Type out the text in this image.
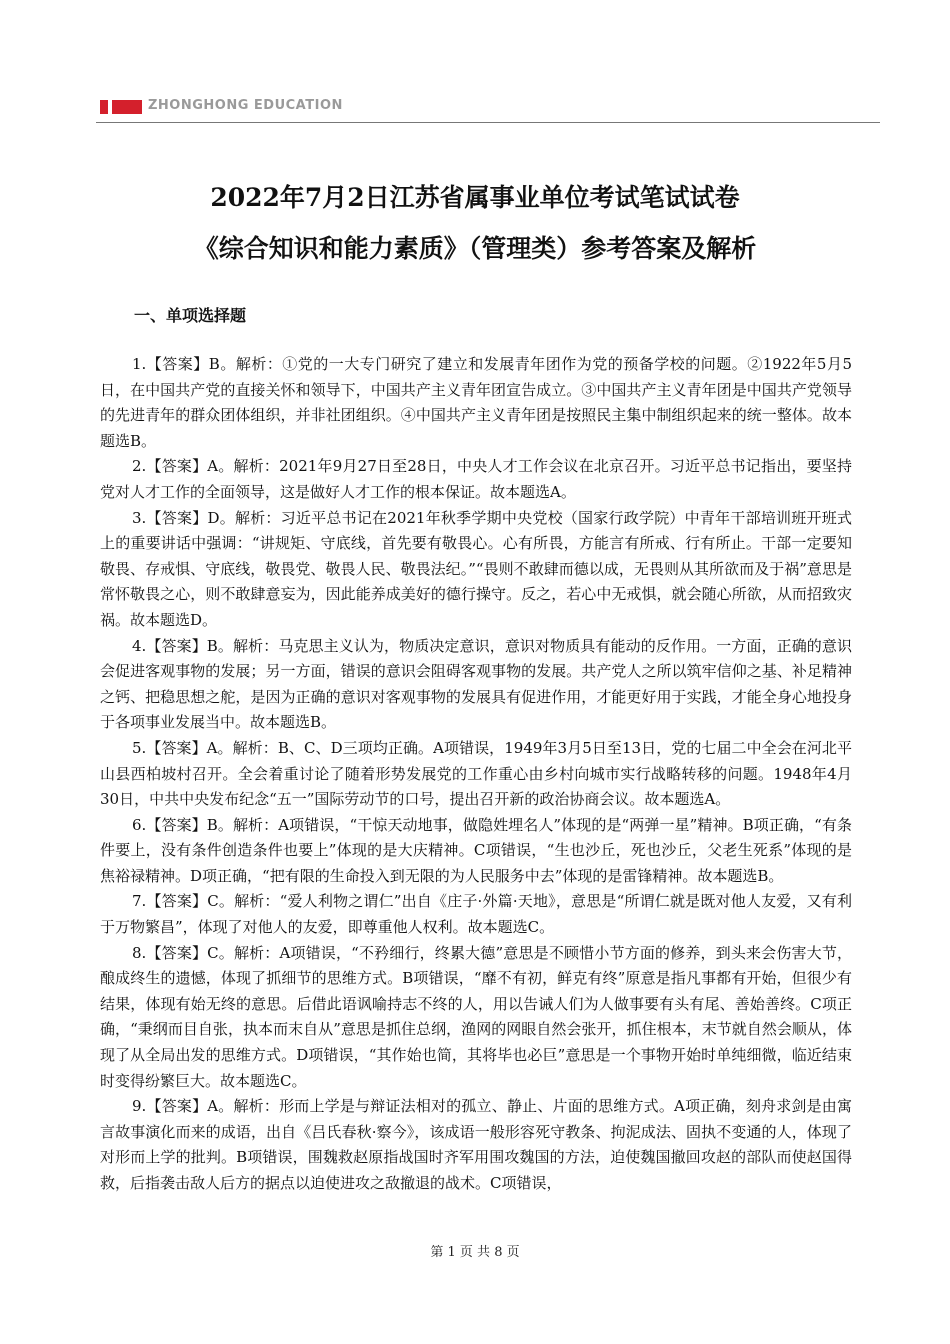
ZHONGHONG EDUCATION
2022年7月2日江苏省属事业单位考试笔试试卷
《综合知识和能力素质》（管理类）参考答案及解析
一、单项选择题

1.【答案】B。解析：①党的一大专门研究了建立和发展青年团作为党的预备学校的问题。②1922年5月5日，在中国共产党的直接关怀和领导下，中国共产主义青年团宣告成立。③中国共产主义青年团是中国共产党领导的先进青年的群众团体组织，并非社团组织。④中国共产主义青年团是按照民主集中制组织起来的统一整体。故本题选B。

2.【答案】A。解析：2021年9月27日至28日，中央人才工作会议在北京召开。习近平总书记指出，要坚持党对人才工作的全面领导，这是做好人才工作的根本保证。故本题选A。

3.【答案】D。解析：习近平总书记在2021年秋季学期中央党校（国家行政学院）中青年干部培训班开班式上的重要讲话中强调：“讲规矩、守底线，首先要有敬畏心。心有所畏，方能言有所戒、行有所止。干部一定要知敬畏、存戒惧、守底线，敬畏党、敬畏人民、敬畏法纪。”“畏则不敢肆而德以成，无畏则从其所欲而及于祸”意思是常怀敬畏之心，则不敢肆意妄为，因此能养成美好的德行操守。反之，若心中无戒惧，就会随心所欲，从而招致灾祸。故本题选D。

4.【答案】B。解析：马克思主义认为，物质决定意识，意识对物质具有能动的反作用。一方面，正确的意识会促进客观事物的发展；另一方面，错误的意识会阻碍客观事物的发展。共产党人之所以筑牢信仰之基、补足精神之钙、把稳思想之舵，是因为正确的意识对客观事物的发展具有促进作用，才能更好用于实践，才能全身心地投身于各项事业发展当中。故本题选B。

5.【答案】A。解析：B、C、D三项均正确。A项错误，1949年3月5日至13日，党的七届二中全会在河北平山县西柏坡村召开。全会着重讨论了随着形势发展党的工作重心由乡村向城市实行战略转移的问题。1948年4月30日，中共中央发布纪念“五一”国际劳动节的口号，提出召开新的政治协商会议。故本题选A。

6.【答案】B。解析：A项错误，“干惊天动地事，做隐姓埋名人”体现的是“两弹一星”精神。B项正确，“有条件要上，没有条件创造条件也要上”体现的是大庆精神。C项错误，“生也沙丘，死也沙丘，父老生死系”体现的是焦裕禄精神。D项正确，“把有限的生命投入到无限的为人民服务中去”体现的是雷锋精神。故本题选B。

7.【答案】C。解析：“爱人利物之谓仁”出自《庄子·外篇·天地》，意思是“所谓仁就是既对他人友爱，又有利于万物繁昌”，体现了对他人的友爱，即尊重他人权利。故本题选C。

8.【答案】C。解析：A项错误，“不矜细行，终累大德”意思是不顾惜小节方面的修养，到头来会伤害大节，酿成终生的遗憾，体现了抓细节的思维方式。B项错误，“靡不有初，鲜克有终”原意是指凡事都有开始，但很少有结果，体现有始无终的意思。后借此语讽喻持志不终的人，用以告诫人们为人做事要有头有尾、善始善终。C项正确，“秉纲而目自张，执本而末自从”意思是抓住总纲，渔网的网眼自然会张开，抓住根本，末节就自然会顺从，体现了从全局出发的思维方式。D项错误，“其作始也简，其将毕也必巨”意思是一个事物开始时单纯细微，临近结束时变得纷繁巨大。故本题选C。

9.【答案】A。解析：形而上学是与辩证法相对的孤立、静止、片面的思维方式。A项正确，刻舟求剑是由寓言故事演化而来的成语，出自《吕氏春秋·察今》，该成语一般形容死守教条、拘泥成法、固执不变通的人，体现了对形而上学的批判。B项错误，围魏救赵原指战国时齐军用围攻魏国的方法，迫使魏国撤回攻赵的部队而使赵国得救，后指袭击敌人后方的据点以迫使进攻之敌撤退的战术。C项错误，

第 1 页 共 8 页
